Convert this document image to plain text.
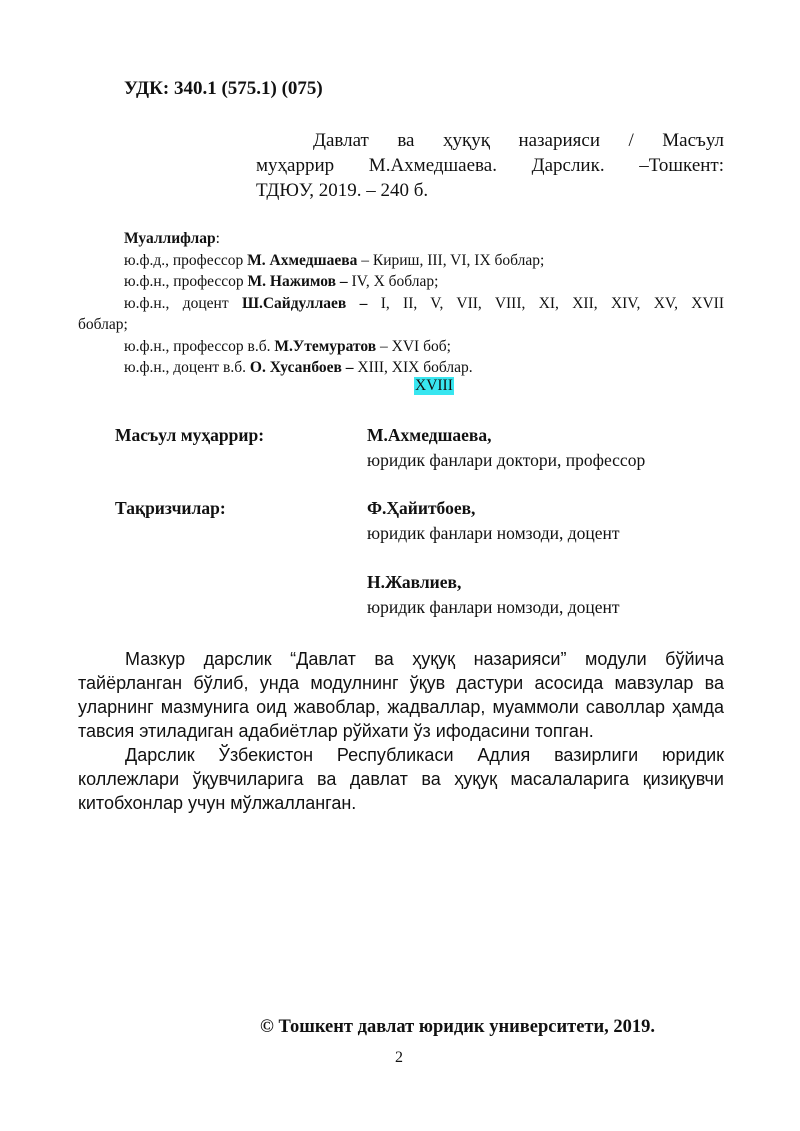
УДК: 340.1 (575.1) (075)
Давлат ва ҳуқуқ назарияси / Масъул
муҳаррир М.Ахмедшаева. Дарслик. –Тошкент:
ТДЮУ, 2019. – 240 б.
Муаллифлар:
ю.ф.д., профессор М. Ахмедшаева – Кириш, III, VI, IX боблар;
ю.ф.н., профессор М. Нажимов – IV, X боблар;
ю.ф.н., доцент Ш.Сайдуллаев – I, II, V, VII, VIII, XI, XII, XIV, XV, XVII
боблар;
ю.ф.н., профессор в.б. М.Утемуратов – XVI боб;
ю.ф.н., доцент в.б. О. Хусанбоев – XIII, XIX боблар.
XVIII
Масъул муҳаррир:	М.Ахмедшаева,
юридик фанлари доктори, профессор
Тақризчилар:	Ф.Ҳайитбоев,
юридик фанлари номзоди, доцент
Н.Жавлиев,
юридик фанлари номзоди, доцент

Мазкур дарслик “Давлат ва ҳуқуқ назарияси” модули бўйича тайёрланган бўлиб, унда модулнинг ўқув дастури асосида мавзулар ва уларнинг мазмунига оид жавоблар, жадваллар, муаммоли саволлар ҳамда тавсия этиладиган адабиётлар рўйхати ўз ифодасини топган.

Дарслик Ўзбекистон Республикаси Адлия вазирлиги юридик коллежлари ўқувчиларига ва давлат ва ҳуқуқ масалаларига қизиқувчи китобхонлар учун мўлжалланган.

© Тошкент давлат юридик университети, 2019.
2
